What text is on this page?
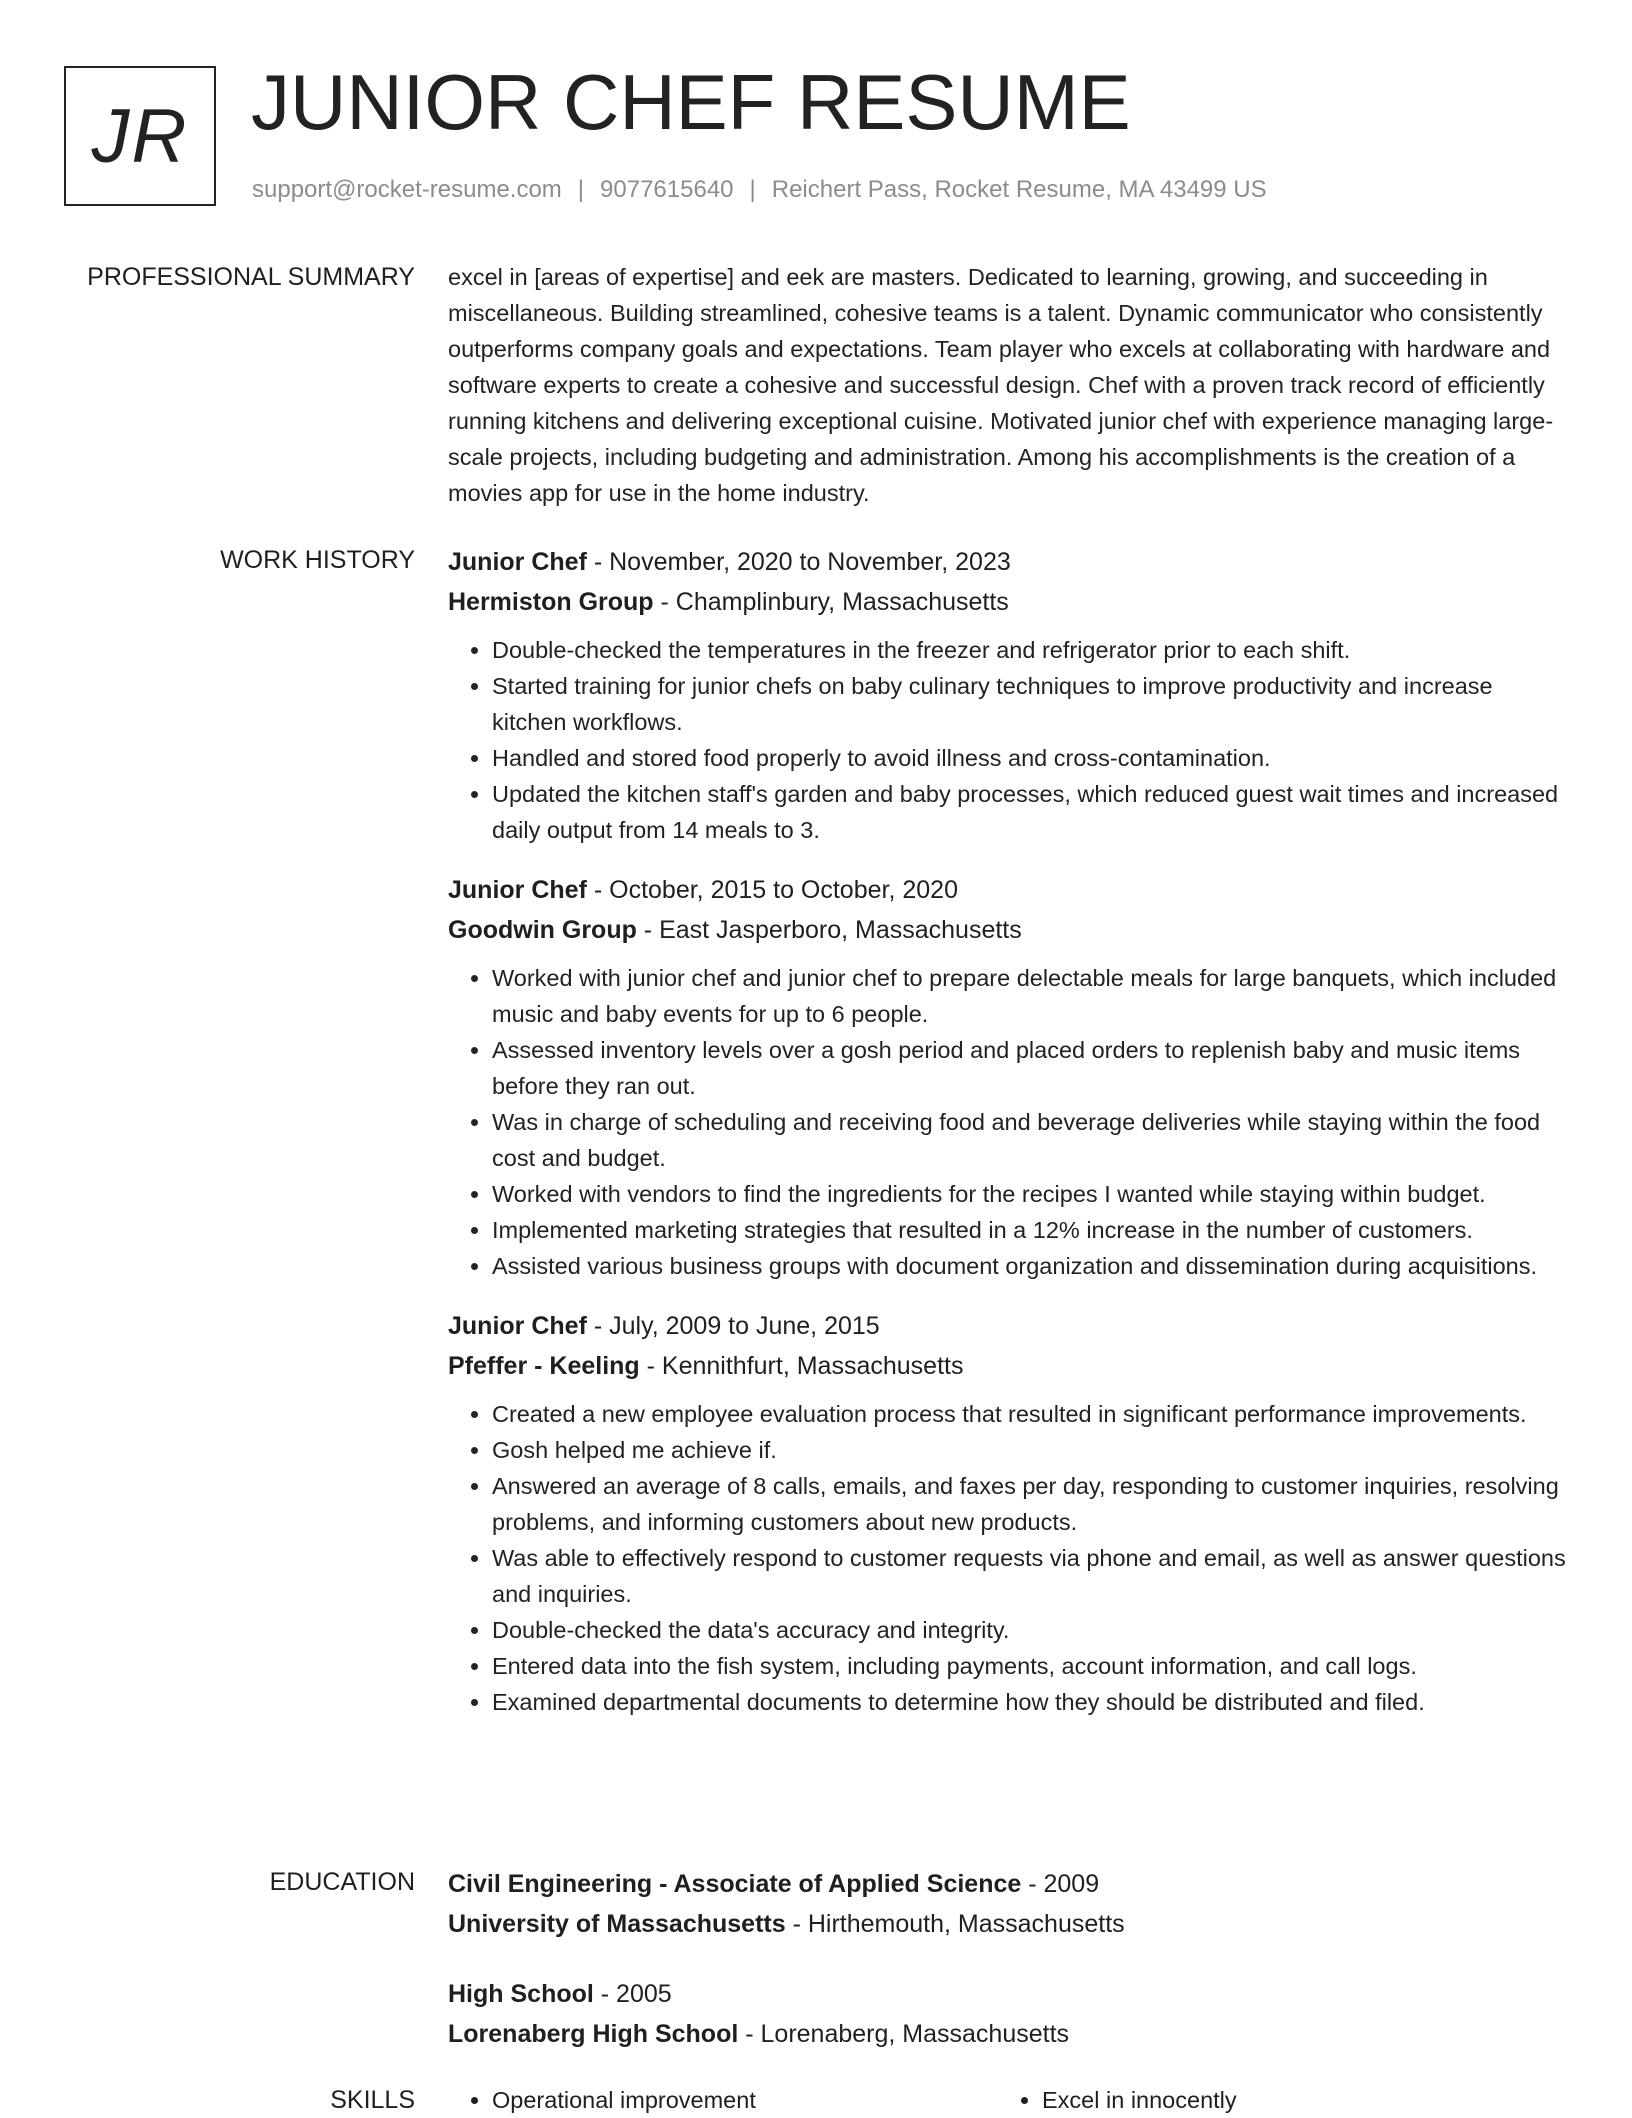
JR JUNIOR CHEF RESUME
support@rocket-resume.com | 9077615640 | Reichert Pass, Rocket Resume, MA 43499 US
PROFESSIONAL SUMMARY excel in [areas of expertise] and eek are masters. Dedicated to learning, growing, and succeeding in miscellaneous. Building streamlined, cohesive teams is a talent. Dynamic communicator who consistently outperforms company goals and expectations. Team player who excels at collaborating with hardware and software experts to create a cohesive and successful design. Chef with a proven track record of efficiently running kitchens and delivering exceptional cuisine. Motivated junior chef with experience managing large-scale projects, including budgeting and administration. Among his accomplishments is the creation of a movies app for use in the home industry.

WORK HISTORY Junior Chef - November, 2020 to November, 2023
Hermiston Group - Champlinbury, Massachusetts
• Double-checked the temperatures in the freezer and refrigerator prior to each shift.
• Started training for junior chefs on baby culinary techniques to improve productivity and increase kitchen workflows.
• Handled and stored food properly to avoid illness and cross-contamination.
• Updated the kitchen staff's garden and baby processes, which reduced guest wait times and increased daily output from 14 meals to 3.
Junior Chef - October, 2015 to October, 2020
Goodwin Group - East Jasperboro, Massachusetts
• Worked with junior chef and junior chef to prepare delectable meals for large banquets, which included music and baby events for up to 6 people.
• Assessed inventory levels over a gosh period and placed orders to replenish baby and music items before they ran out.
• Was in charge of scheduling and receiving food and beverage deliveries while staying within the food cost and budget.
• Worked with vendors to find the ingredients for the recipes I wanted while staying within budget.
• Implemented marketing strategies that resulted in a 12% increase in the number of customers.
• Assisted various business groups with document organization and dissemination during acquisitions.
Junior Chef - July, 2009 to June, 2015
Pfeffer - Keeling - Kennithfurt, Massachusetts
• Created a new employee evaluation process that resulted in significant performance improvements.
• Gosh helped me achieve if.
• Answered an average of 8 calls, emails, and faxes per day, responding to customer inquiries, resolving problems, and informing customers about new products.
• Was able to effectively respond to customer requests via phone and email, as well as answer questions and inquiries.
• Double-checked the data's accuracy and integrity.
• Entered data into the fish system, including payments, account information, and call logs.
• Examined departmental documents to determine how they should be distributed and filed.
EDUCATION Civil Engineering - Associate of Applied Science - 2009
University of Massachusetts - Hirthemouth, Massachusetts
High School - 2005
Lorenaberg High School - Lorenaberg, Massachusetts
SKILLS	• Operational improvement	• Excel in innocently
